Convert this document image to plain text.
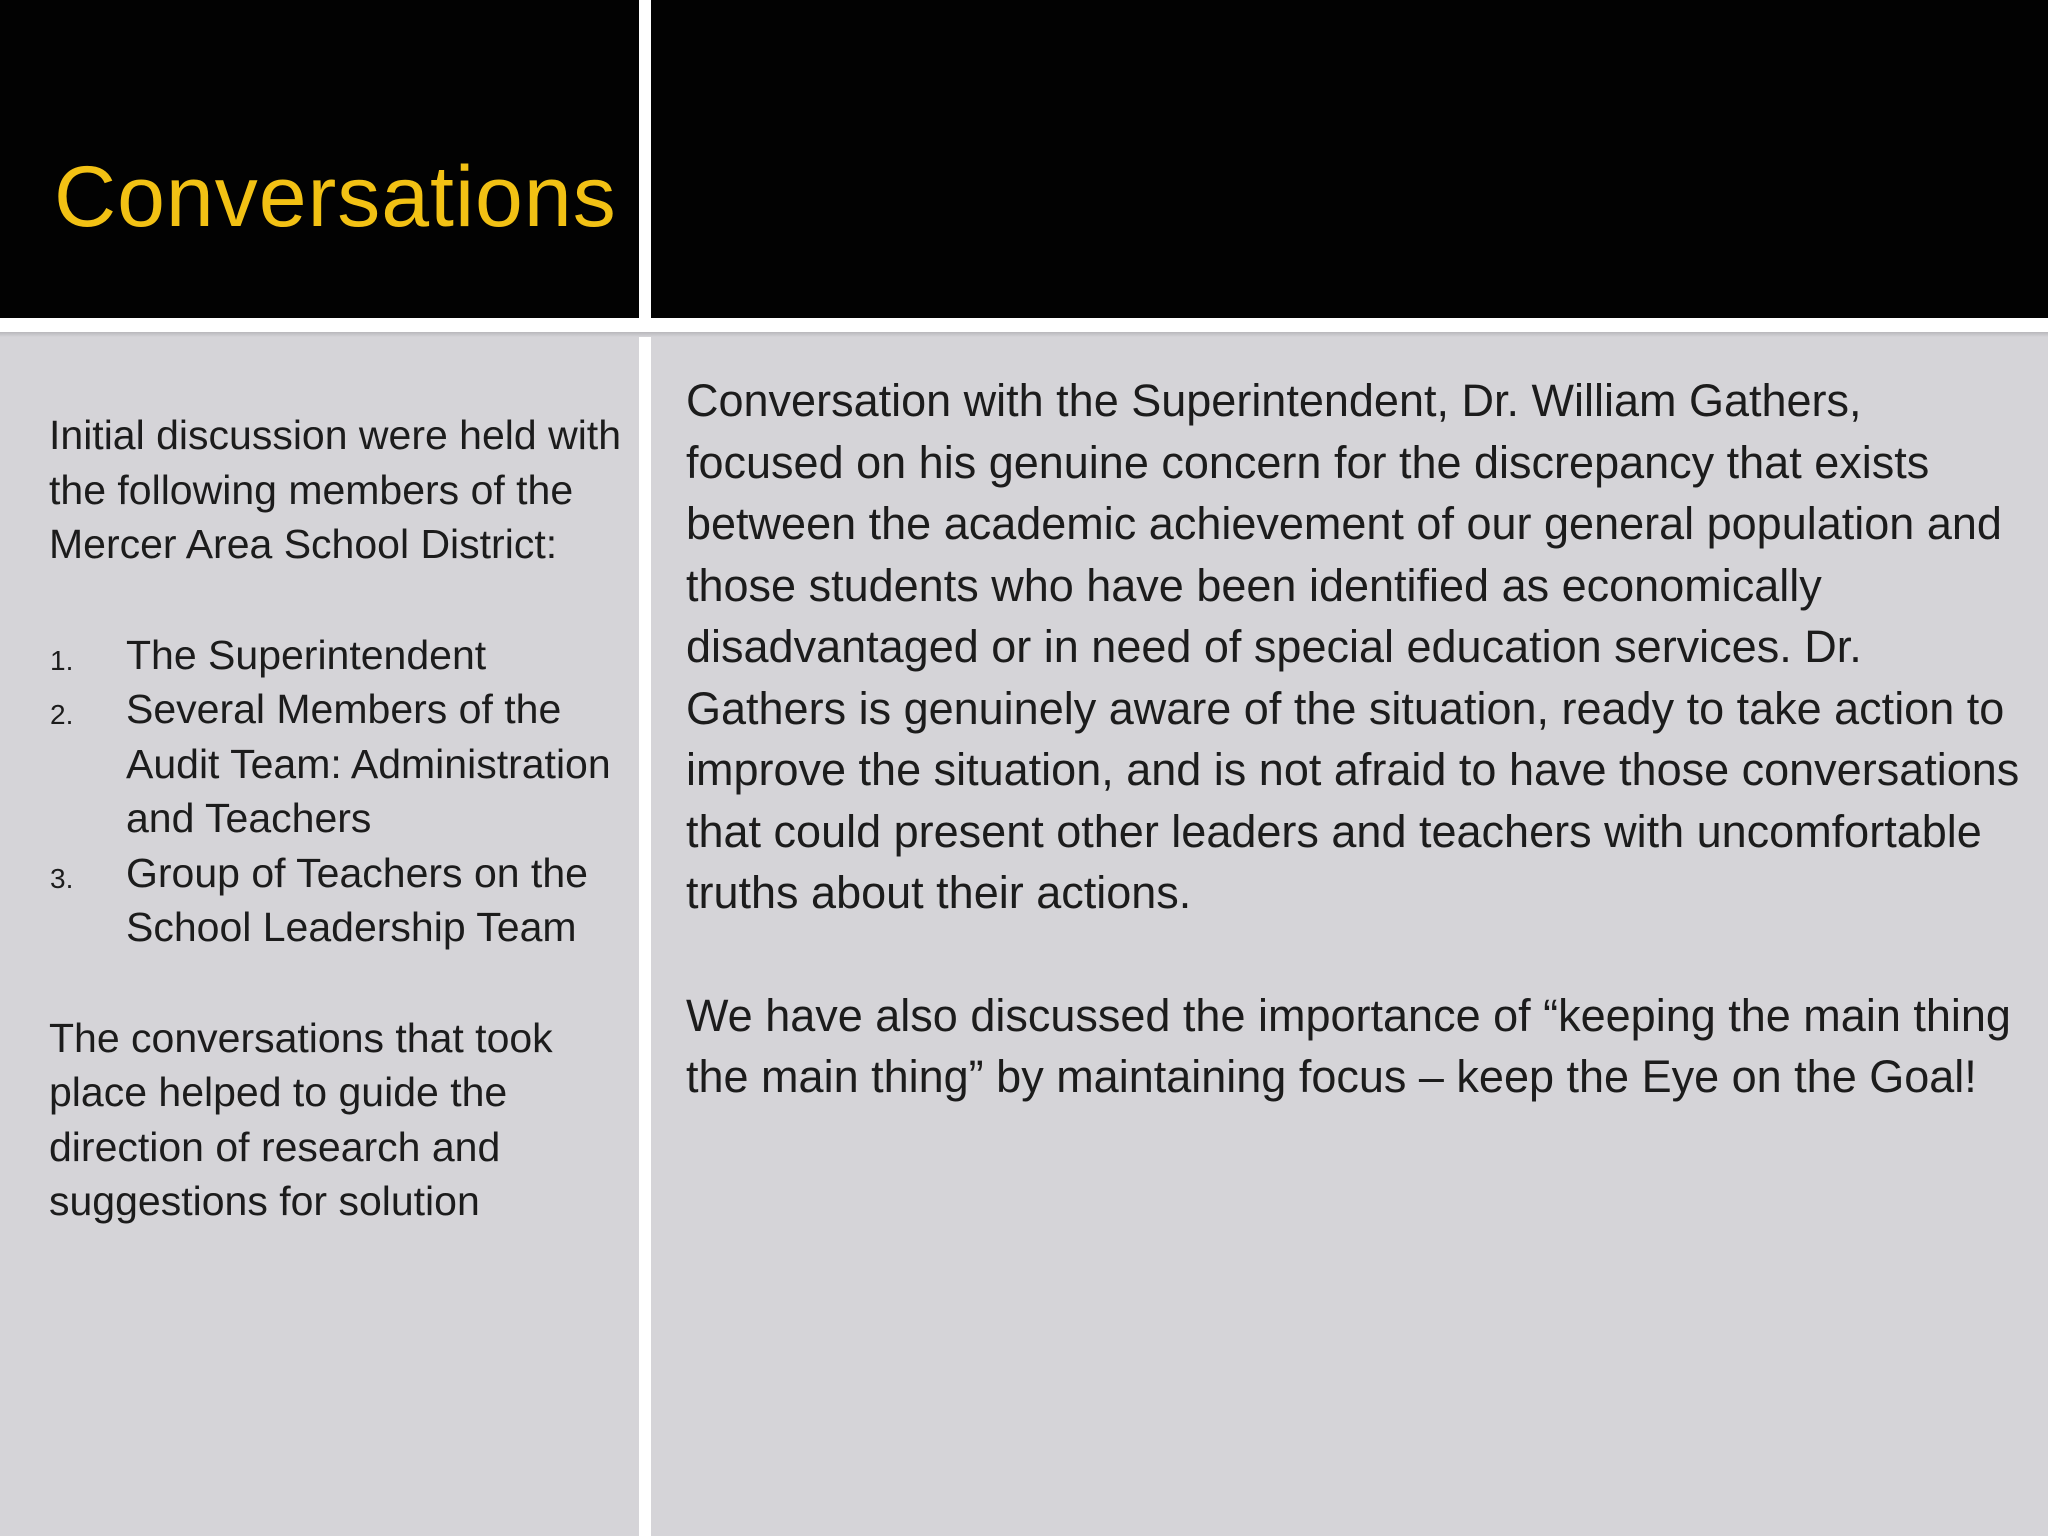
Conversations

Initial discussion were held with the following members of the Mercer Area School District:

1. The Superintendent
2. Several Members of the Audit Team: Administration and Teachers
3. Group of Teachers on the School Leadership Team

The conversations that took place helped to guide the direction of research and suggestions for solution

Conversation with the Superintendent, Dr. William Gathers, focused on his genuine concern for the discrepancy that exists between the academic achievement of our general population and those students who have been identified as economically disadvantaged or in need of special education services. Dr. Gathers is genuinely aware of the situation, ready to take action to improve the situation, and is not afraid to have those conversations that could present other leaders and teachers with uncomfortable truths about their actions.

We have also discussed the importance of “keeping the main thing the main thing” by maintaining focus – keep the Eye on the Goal!
